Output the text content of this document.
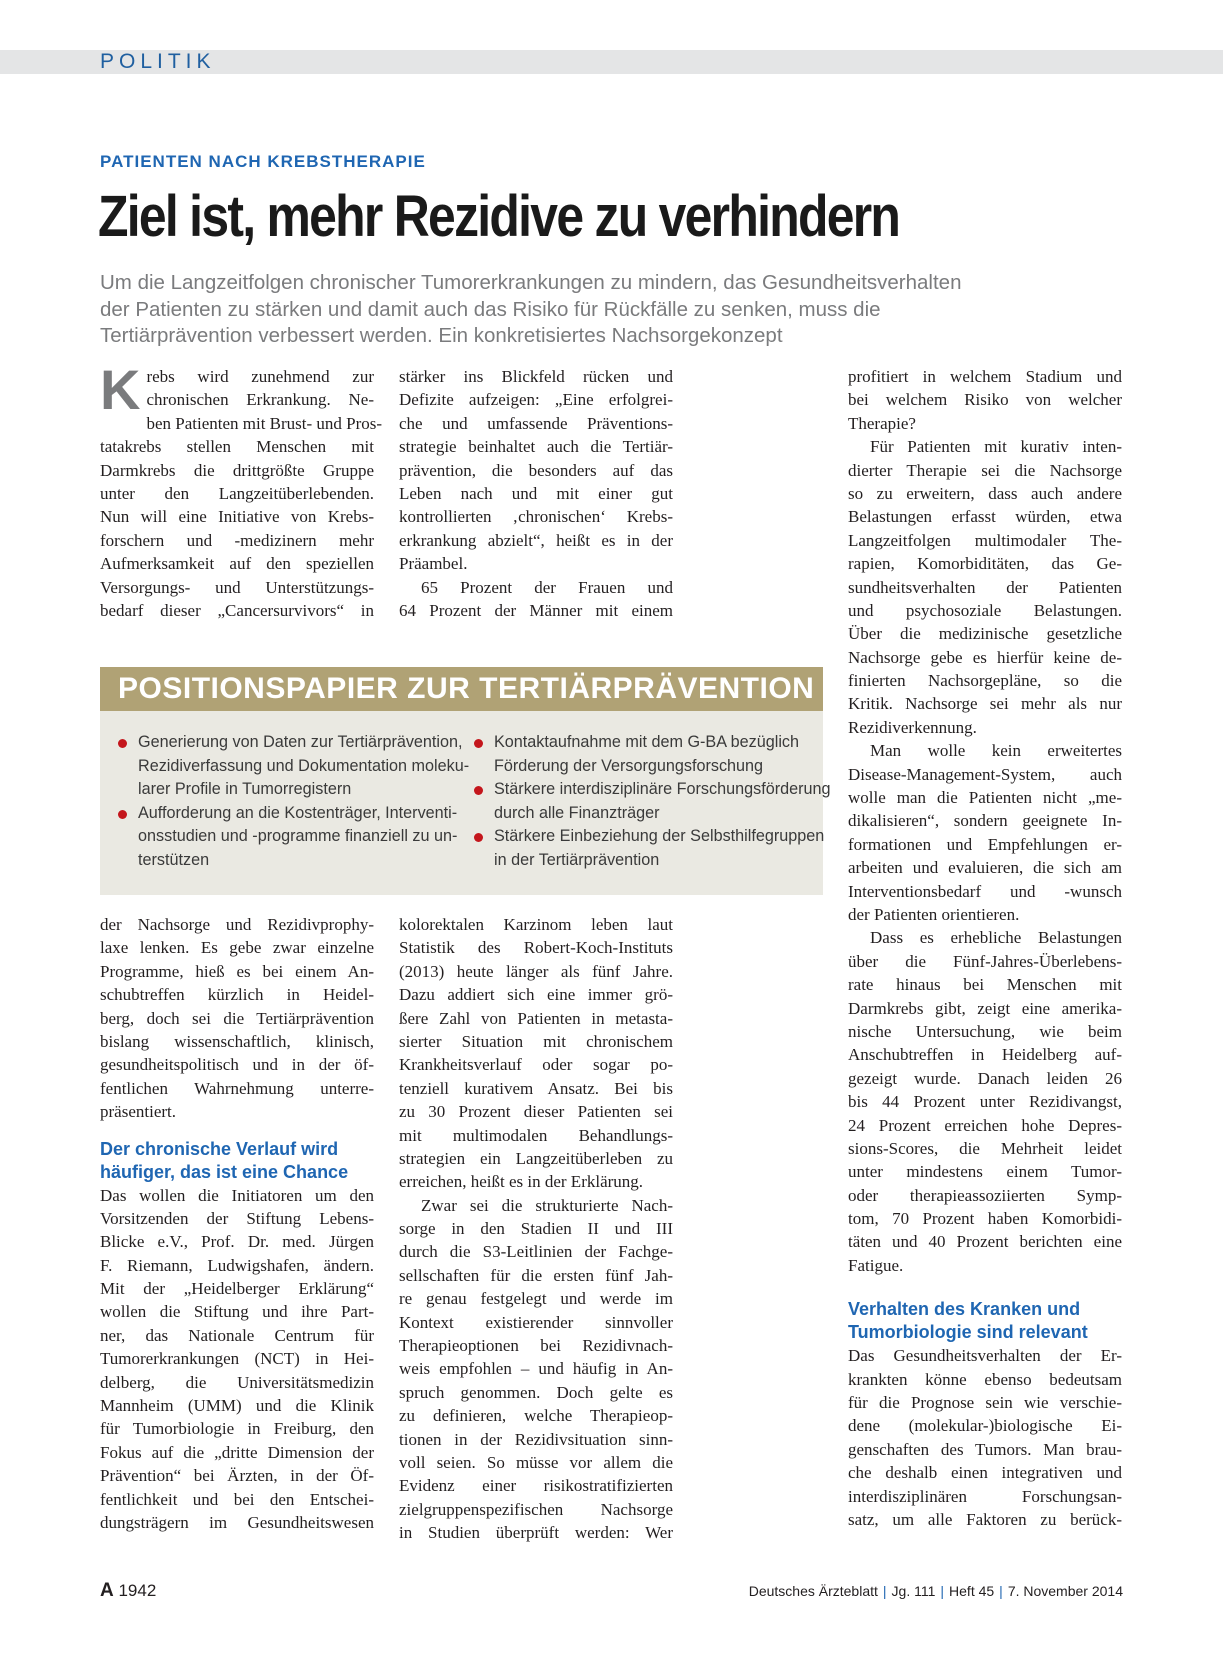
POLITIK
PATIENTEN NACH KREBSTHERAPIE
Ziel ist, mehr Rezidive zu verhindern
Um die Langzeitfolgen chronischer Tumorerkrankungen zu mindern, das Gesundheitsverhalten
der Patienten zu stärken und damit auch das Risiko für Rückfälle zu senken, muss die
Tertiärprävention verbessert werden. Ein konkretisiertes Nachsorgekonzept
K rebs wird zunehmend zur
chronischen Erkrankung. Ne-
ben Patienten mit Brust- und Pros-
tatakrebs stellen Menschen mit
Darmkrebs die drittgrößte Gruppe
unter den Langzeitüberlebenden.
Nun will eine Initiative von Krebs-
forschern und -medizinern mehr
Aufmerksamkeit auf den speziellen
Versorgungs- und Unterstützungs-
bedarf dieser „Cancersurvivors“ in
stärker ins Blickfeld rücken und
Defizite aufzeigen: „Eine erfolgrei-
che und umfassende Präventions-
strategie beinhaltet auch die Tertiär-
prävention, die besonders auf das
Leben nach und mit einer gut
kontrollierten ‚chronischen‘ Krebs-
erkrankung abzielt“, heißt es in der
Präambel.
65 Prozent der Frauen und
64 Prozent der Männer mit einem
POSITIONSPAPIER ZUR TERTIÄRPRÄVENTION
Generierung von Daten zur Tertiärprävention,
Rezidiverfassung und Dokumentation moleku-
larer Profile in Tumorregistern
Aufforderung an die Kostenträger, Interventi-
onsstudien und -programme finanziell zu un-
terstützen
Kontaktaufnahme mit dem G-BA bezüglich
Förderung der Versorgungsforschung
Stärkere interdisziplinäre Forschungsförderung
durch alle Finanzträger
Stärkere Einbeziehung der Selbsthilfegruppen
in der Tertiärprävention
der Nachsorge und Rezidivprophy-
laxe lenken. Es gebe zwar einzelne
Programme, hieß es bei einem An-
schubtreffen kürzlich in Heidel-
berg, doch sei die Tertiärprävention
bislang wissenschaftlich, klinisch,
gesundheitspolitisch und in der öf-
fentlichen Wahrnehmung unterre-
präsentiert.
Der chronische Verlauf wird
häufiger, das ist eine Chance
Das wollen die Initiatoren um den
Vorsitzenden der Stiftung Lebens-
Blicke e.V., Prof. Dr. med. Jürgen
F. Riemann, Ludwigshafen, ändern.
Mit der „Heidelberger Erklärung“
wollen die Stiftung und ihre Part-
ner, das Nationale Centrum für
Tumorerkrankungen (NCT) in Hei-
delberg, die Universitätsmedizin
Mannheim (UMM) und die Klinik
für Tumorbiologie in Freiburg, den
Fokus auf die „dritte Dimension der
Prävention“ bei Ärzten, in der Öf-
fentlichkeit und bei den Entschei-
dungsträgern im Gesundheitswesen
kolorektalen Karzinom leben laut
Statistik des Robert-Koch-Instituts
(2013) heute länger als fünf Jahre.
Dazu addiert sich eine immer grö-
ßere Zahl von Patienten in metasta-
sierter Situation mit chronischem
Krankheitsverlauf oder sogar po-
tenziell kurativem Ansatz. Bei bis
zu 30 Prozent dieser Patienten sei
mit multimodalen Behandlungs-
strategien ein Langzeitüberleben zu
erreichen, heißt es in der Erklärung.
Zwar sei die strukturierte Nach-
sorge in den Stadien II und III
durch die S3-Leitlinien der Fachge-
sellschaften für die ersten fünf Jah-
re genau festgelegt und werde im
Kontext existierender sinnvoller
Therapieoptionen bei Rezidivnach-
weis empfohlen – und häufig in An-
spruch genommen. Doch gelte es
zu definieren, welche Therapieop-
tionen in der Rezidivsituation sinn-
voll seien. So müsse vor allem die
Evidenz einer risikostratifizierten
zielgruppenspezifischen Nachsorge
in Studien überprüft werden: Wer
profitiert in welchem Stadium und
bei welchem Risiko von welcher
Therapie?
Für Patienten mit kurativ inten-
dierter Therapie sei die Nachsorge
so zu erweitern, dass auch andere
Belastungen erfasst würden, etwa
Langzeitfolgen multimodaler The-
rapien, Komorbiditäten, das Ge-
sundheitsverhalten der Patienten
und psychosoziale Belastungen.
Über die medizinische gesetzliche
Nachsorge gebe es hierfür keine de-
finierten Nachsorgepläne, so die
Kritik. Nachsorge sei mehr als nur
Rezidiverkennung.
Man wolle kein erweitertes
Disease-Management-System, auch
wolle man die Patienten nicht „me-
dikalisieren“, sondern geeignete In-
formationen und Empfehlungen er-
arbeiten und evaluieren, die sich am
Interventionsbedarf und -wunsch
der Patienten orientieren.
Dass es erhebliche Belastungen
über die Fünf-Jahres-Überlebens-
rate hinaus bei Menschen mit
Darmkrebs gibt, zeigt eine amerika-
nische Untersuchung, wie beim
Anschubtreffen in Heidelberg auf-
gezeigt wurde. Danach leiden 26
bis 44 Prozent unter Rezidivangst,
24 Prozent erreichen hohe Depres-
sions-Scores, die Mehrheit leidet
unter mindestens einem Tumor-
oder therapieassoziierten Symp-
tom, 70 Prozent haben Komorbidi-
täten und 40 Prozent berichten eine
Fatigue.
Verhalten des Kranken und
Tumorbiologie sind relevant
Das Gesundheitsverhalten der Er-
krankten könne ebenso bedeutsam
für die Prognose sein wie verschie-
dene (molekular-)biologische Ei-
genschaften des Tumors. Man brau-
che deshalb einen integrativen und
interdisziplinären Forschungsan-
satz, um alle Faktoren zu berück-
A 1942	Deutsches Ärzteblatt | Jg. 111 | Heft 45 | 7. November 2014
